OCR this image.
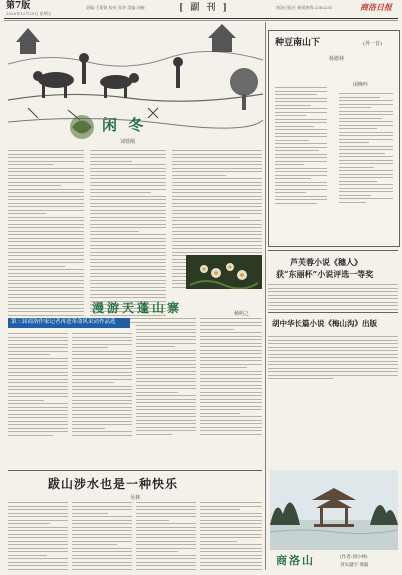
第7版
2020年12月25日 星期五
责编:王莉娟 校对:张华 美编:刘畅	[ 副 刊 ]	商洛日报社 新闻热线:2383255	商洛日报
种豆南山下	(外一首)
杨德林
闲晚吟
闲 冬
刘铁刚
漫游天蓬山寨	杨明之
第三届商洛作家记者再进革命风采动作品选
芦芙蓉小说《穗人》
获“东丽杯”小说评选一等奖
胡中华长篇小说《梅山沟》出版
跋山涉水也是一种快乐
吴林
商洛山	(作者:刘小林)
刊头题字 邢毅
